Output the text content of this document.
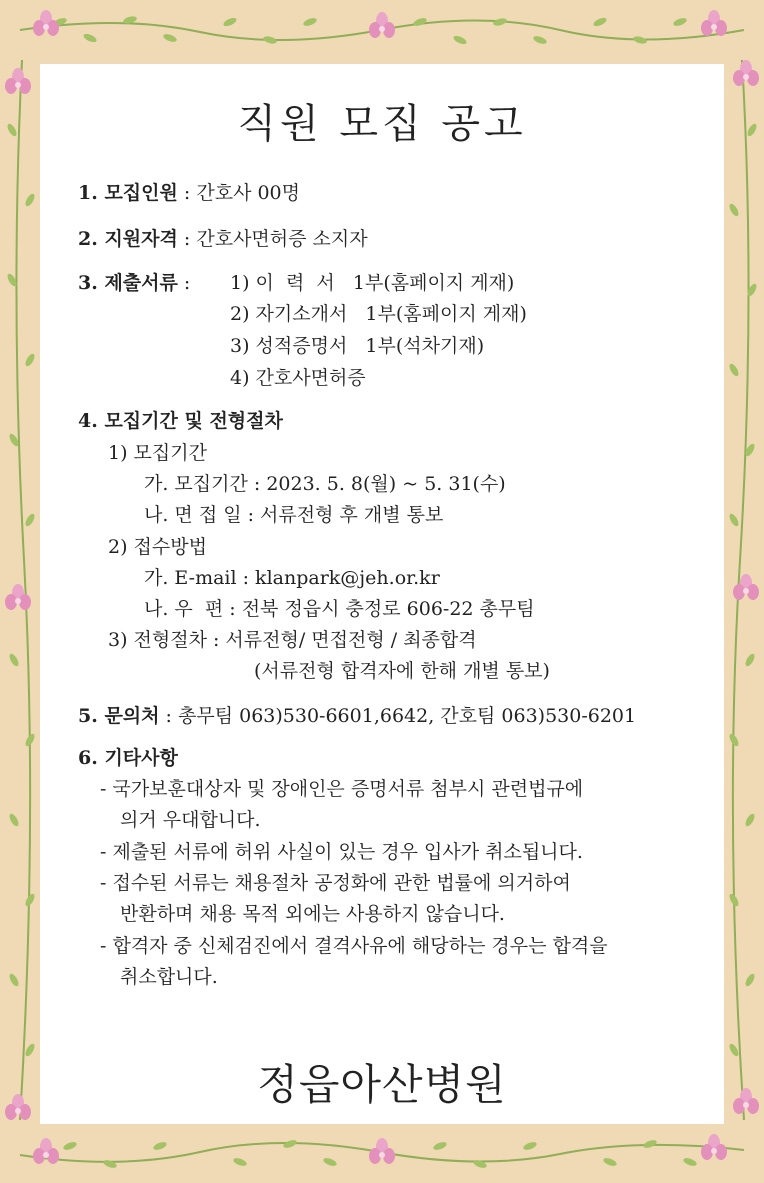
직원 모집 공고
1. 모집인원 : 간호사 00명
2. 지원자격 : 간호사면허증 소지자
3. 제출서류 : 1) 이  력  서   1부(홈페이지 게재)
2) 자기소개서   1부(홈페이지 게재)
3) 성적증명서   1부(석차기재)
4) 간호사면허증
4. 모집기간 및 전형절차
1) 모집기간
가. 모집기간 : 2023. 5. 8(월) ~ 5. 31(수)
나. 면 접 일 : 서류전형 후 개별 통보
2) 접수방법
가. E-mail : klanpark@jeh.or.kr
나. 우  편 : 전북 정읍시 충정로 606-22 총무팀
3) 전형절차 : 서류전형/ 면접전형 / 최종합격
(서류전형 합격자에 한해 개별 통보)
5. 문의처 : 총무팀 063)530-6601,6642, 간호팀 063)530-6201
6. 기타사항
- 국가보훈대상자 및 장애인은 증명서류 첨부시 관련법규에
의거 우대합니다.
- 제출된 서류에 허위 사실이 있는 경우 입사가 취소됩니다.
- 접수된 서류는 채용절차 공정화에 관한 법률에 의거하여
반환하며 채용 목적 외에는 사용하지 않습니다.
- 합격자 중 신체검진에서 결격사유에 해당하는 경우는 합격을
취소합니다.
정읍아산병원
